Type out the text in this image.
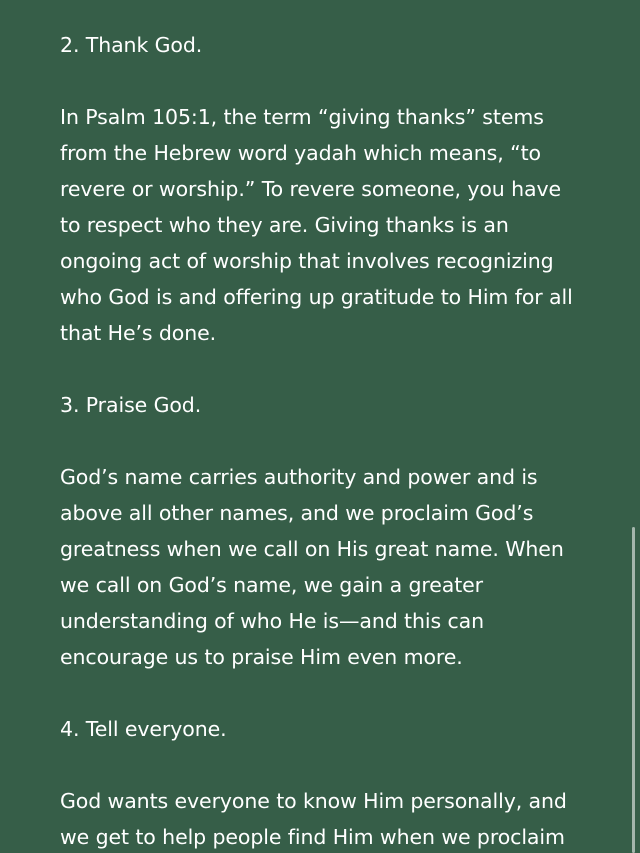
2. Thank God.
In Psalm 105:1, the term “giving thanks” stems
from the Hebrew word yadah which means, “to
revere or worship.” To revere someone, you have
to respect who they are. Giving thanks is an
ongoing act of worship that involves recognizing
who God is and offering up gratitude to Him for all
that He’s done.
3. Praise God.
God’s name carries authority and power and is
above all other names, and we proclaim God’s
greatness when we call on His great name. When
we call on God’s name, we gain a greater
understanding of who He is—and this can
encourage us to praise Him even more.
4. Tell everyone.
God wants everyone to know Him personally, and
we get to help people find Him when we proclaim
